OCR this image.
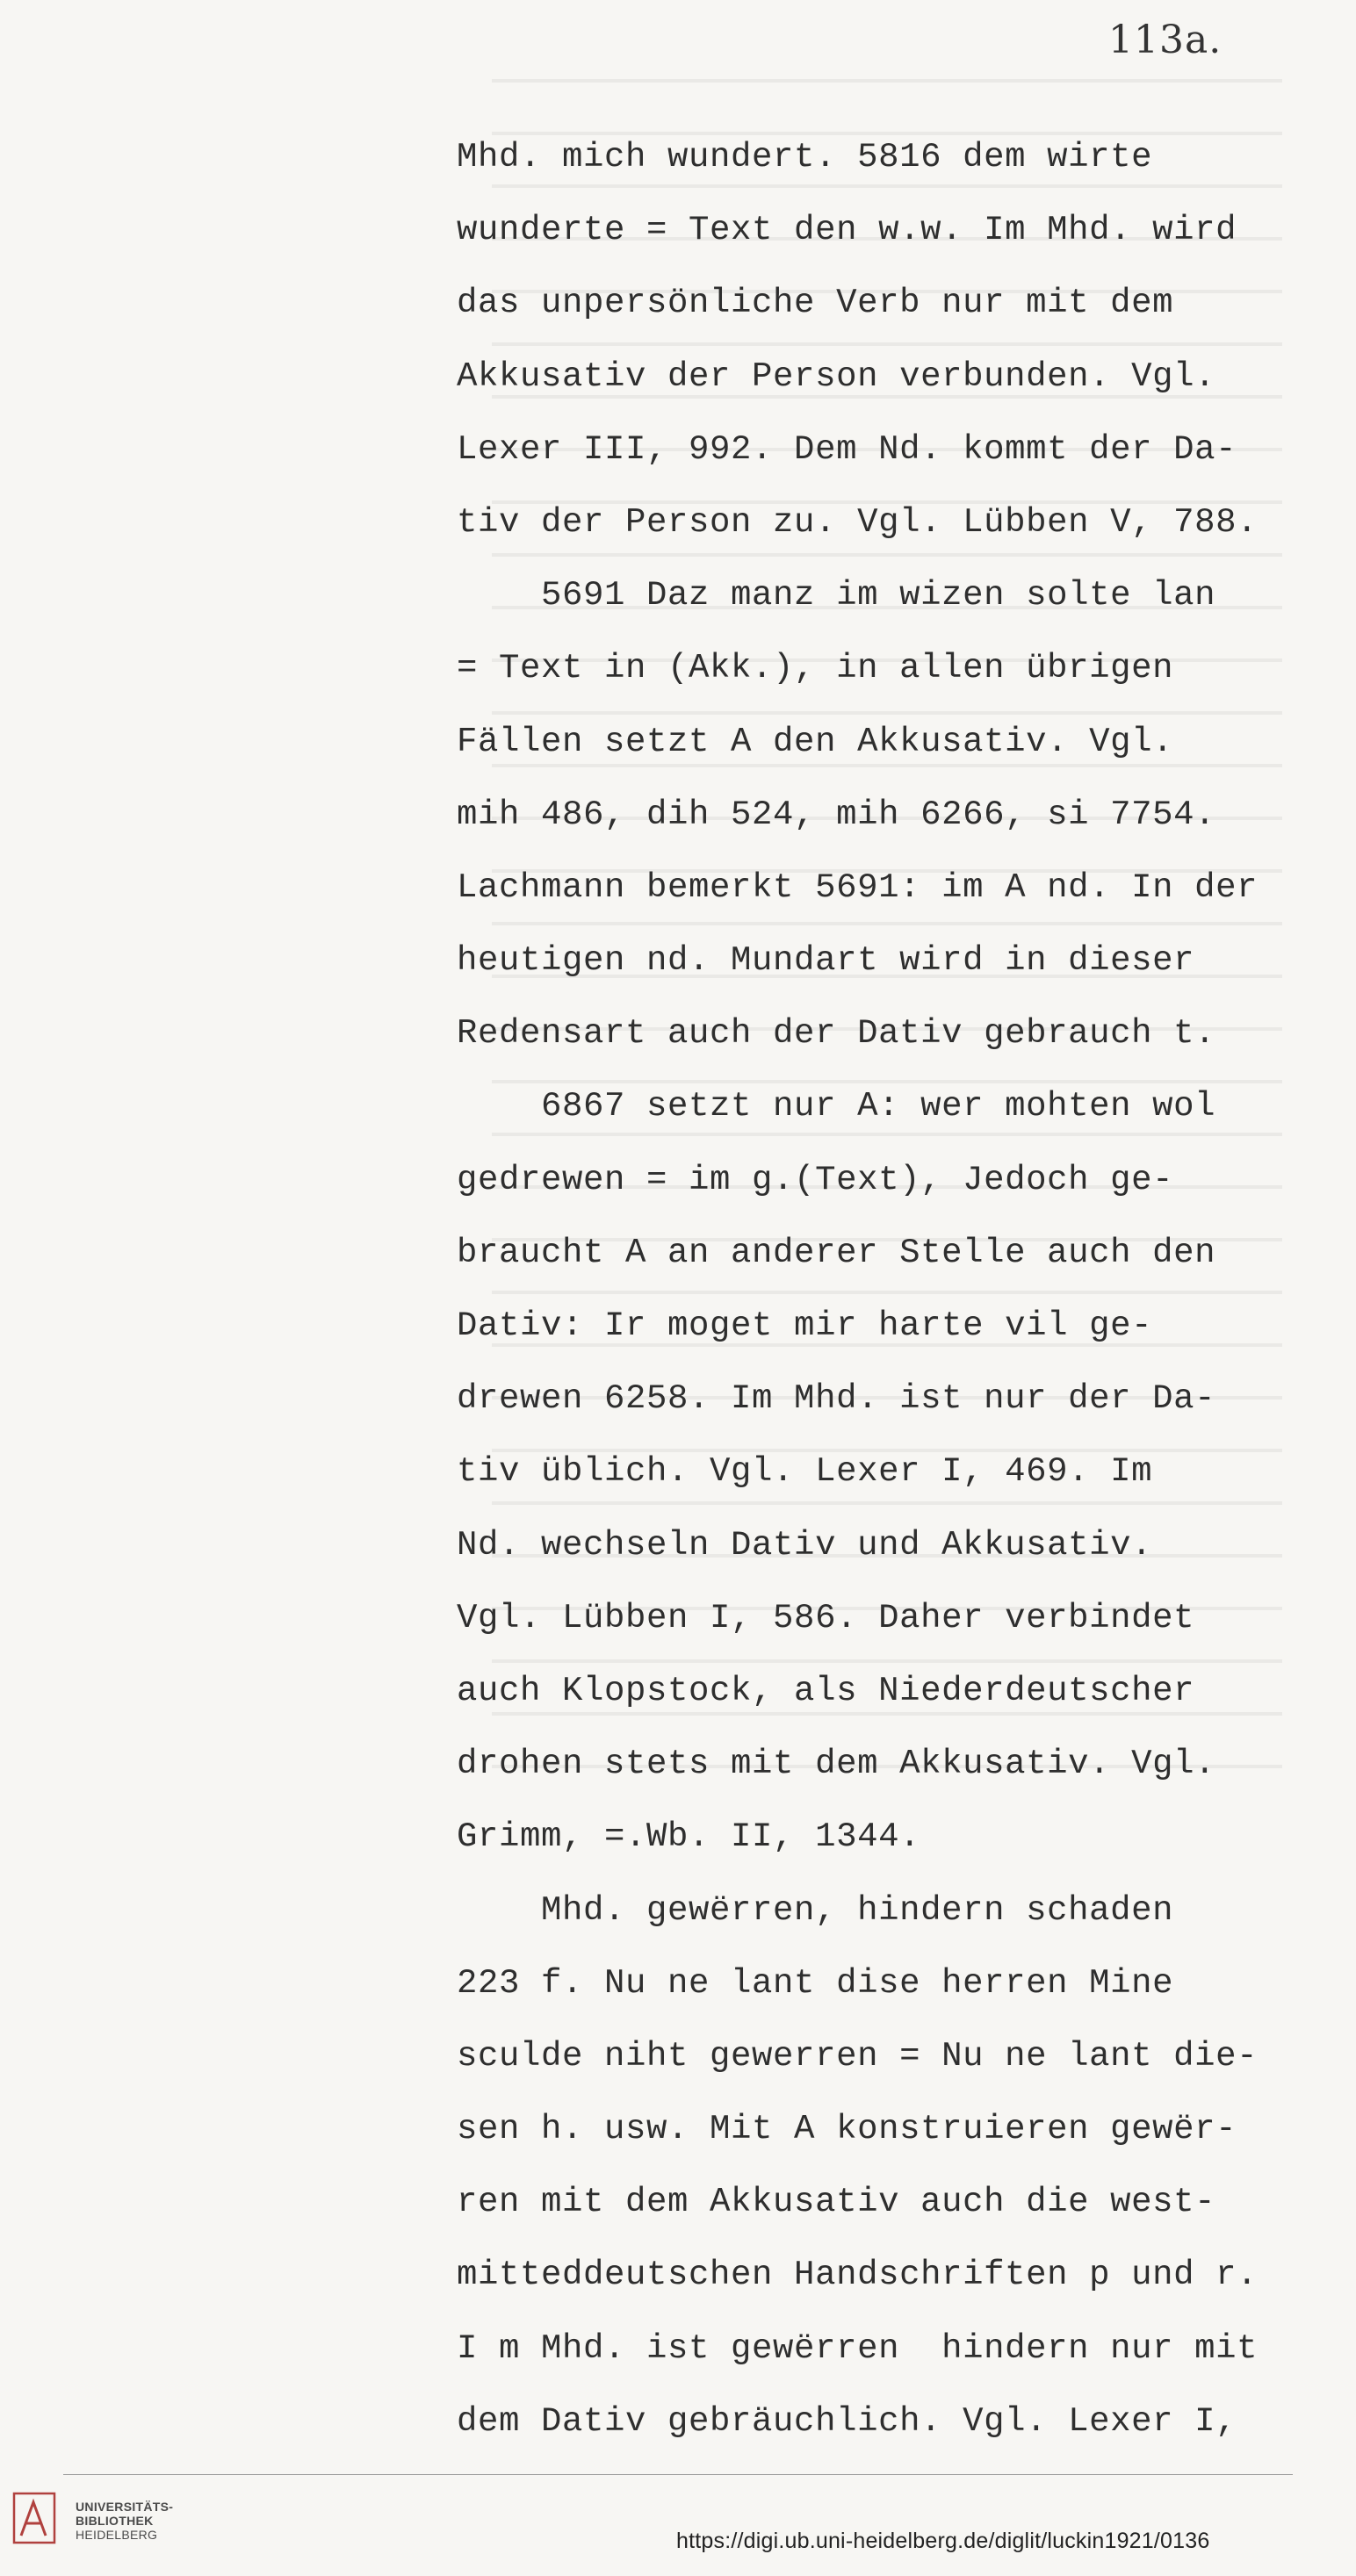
113a.
Mhd. mich wundert. 5816 dem wirte
wunderte = Text den w.w. Im Mhd. wird
das unpersönliche Verb nur mit dem
Akkusativ der Person verbunden. Vgl.
Lexer III, 992. Dem Nd. kommt der Da-
tiv der Person zu. Vgl. Lübben V, 788.
5691 Daz manz im wizen solte lan
= Text in (Akk.), in allen übrigen
Fällen setzt A den Akkusativ. Vgl.
mih 486, dih 524, mih 6266, si 7754.
Lachmann bemerkt 5691: im A nd. In der
heutigen nd. Mundart wird in dieser
Redensart auch der Dativ gebrauch t.
6867 setzt nur A: wer mohten wol
gedrewen = im g.(Text), Jedoch ge-
braucht A an anderer Stelle auch den
Dativ: Ir moget mir harte vil ge-
drewen 6258. Im Mhd. ist nur der Da-
tiv üblich. Vgl. Lexer I, 469. Im
Nd. wechseln Dativ und Akkusativ.
Vgl. Lübben I, 586. Daher verbindet
auch Klopstock, als Niederdeutscher
drohen stets mit dem Akkusativ. Vgl.
Grimm, =.Wb. II, 1344.
Mhd. gewërren, hindern schaden
223 f. Nu ne lant dise herren Mine
sculde niht gewerren = Nu ne lant die-
sen h. usw. Mit A konstruieren gewër-
ren mit dem Akkusativ auch die west-
mitteddeutschen Handschriften p und r.
I m Mhd. ist gewërren  hindern nur mit
dem Dativ gebräuchlich. Vgl. Lexer I,
UNIVERSITÄTS-
BIBLIOTHEK
HEIDELBERG	https://digi.ub.uni-heidelberg.de/diglit/luckin1921/0136
